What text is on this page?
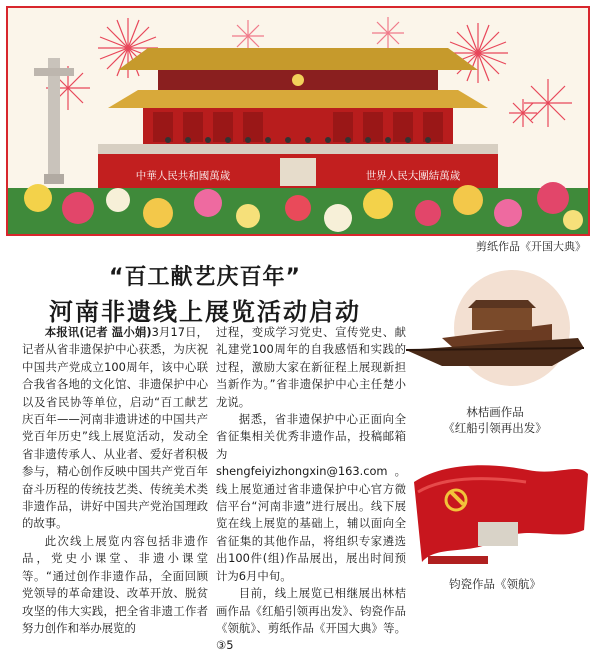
中華人民共和國萬歲	世界人民大團結萬歲
剪纸作品《开国大典》
“百工献艺庆百年”
河南非遗线上展览活动启动

本报讯(记者 温小娟)3月17日，记者从省非遗保护中心获悉，为庆祝中国共产党成立100周年，该中心联合我省各地的文化馆、非遗保护中心以及省民协等单位，启动“百工献艺庆百年——河南非遗讲述的中国共产党百年历史”线上展览活动，发动全省非遗传承人、从业者、爱好者积极参与，精心创作反映中国共产党百年奋斗历程的传统技艺类、传统美术类非遗作品，讲好中国共产党治国理政的故事。

此次线上展览内容包括非遗作品，党史小课堂、非遗小课堂等。“通过创作非遗作品，全面回顾党领导的革命建设、改革开放、脱贫攻坚的伟大实践，把全省非遗工作者努力创作和举办展览的

过程，变成学习党史、宣传党史、献礼建党100周年的自我感悟和实践的过程，激励大家在新征程上展现新担当新作为。”省非遗保护中心主任楚小龙说。

据悉，省非遗保护中心正面向全省征集相关优秀非遗作品，投稿邮箱为shengfeiyizhongxin@163.com。线上展览通过省非遗保护中心官方微信平台“河南非遗”进行展出。线下展览在线上展览的基础上，辅以面向全省征集的其他作品，将组织专家遴选出100件(组)作品展出，展出时间预计为6月中旬。

目前，线上展览已相继展出林桔画作品《红船引领再出发》、钧瓷作品《领航》、剪纸作品《开国大典》等。③5

林桔画作品
《红船引领再出发》
钧瓷作品《领航》
